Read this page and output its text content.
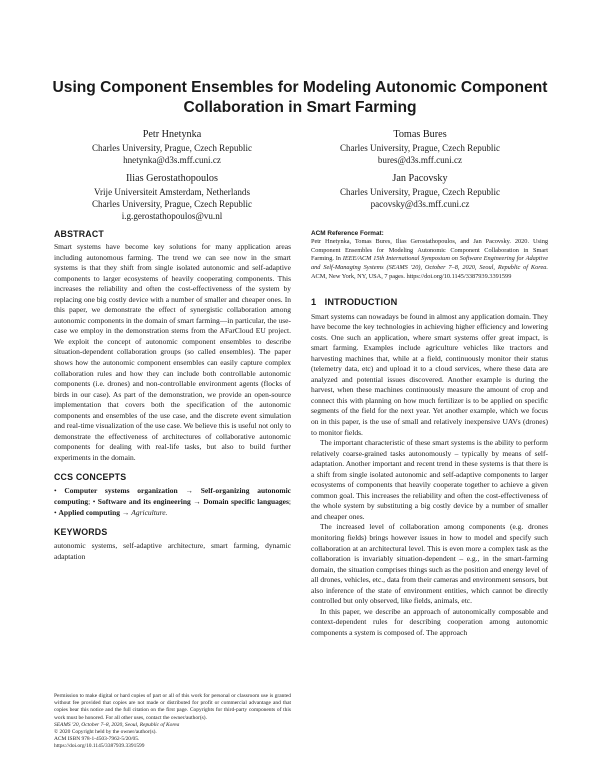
Using Component Ensembles for Modeling Autonomic Component Collaboration in Smart Farming
Petr Hnetynka
Charles University, Prague, Czech Republic
hnetynka@d3s.mff.cuni.cz
Tomas Bures
Charles University, Prague, Czech Republic
bures@d3s.mff.cuni.cz
Ilias Gerostathopoulos
Vrije Universiteit Amsterdam, Netherlands
Charles University, Prague, Czech Republic
i.g.gerostathopoulos@vu.nl
Jan Pacovsky
Charles University, Prague, Czech Republic
pacovsky@d3s.mff.cuni.cz
ABSTRACT

Smart systems have become key solutions for many application areas including autonomous farming. The trend we can see now in the smart systems is that they shift from single isolated autonomic and self-adaptive components to larger ecosystems of heavily cooperating components. This increases the reliability and often the cost-effectiveness of the system by replacing one big costly device with a number of smaller and cheaper ones. In this paper, we demonstrate the effect of synergistic collaboration among autonomic components in the domain of smart farming—in particular, the use-case we employ in the demonstration stems from the AFarCloud EU project. We exploit the concept of autonomic component ensembles to describe situation-dependent collaboration groups (so called ensembles). The paper shows how the autonomic component ensembles can easily capture complex collaboration rules and how they can include both controllable autonomic components (i.e. drones) and non-controllable environment agents (flocks of birds in our case). As part of the demonstration, we provide an open-source implementation that covers both the specification of the autonomic components and ensembles of the use case, and the discrete event simulation and real-time visualization of the use case. We believe this is useful not only to demonstrate the effectiveness of architectures of collaborative autonomic components for dealing with real-life tasks, but also to build further experiments in the domain.

CCS CONCEPTS

• Computer systems organization → Self-organizing autonomic computing; • Software and its engineering → Domain specific languages; • Applied computing → Agriculture.

KEYWORDS

autonomic systems, self-adaptive architecture, smart farming, dynamic adaptation

Permission to make digital or hard copies of part or all of this work for personal or classroom use is granted without fee provided that copies are not made or distributed for profit or commercial advantage and that copies bear this notice and the full citation on the first page. Copyrights for third-party components of this work must be honored. For all other uses, contact the owner/author(s).

SEAMS '20, October 7–8, 2020, Seoul, Republic of Korea

© 2020 Copyright held by the owner/author(s).

ACM ISBN 978-1-4503-7962-5/20/05.

https://doi.org/10.1145/3387939.3391599

ACM Reference Format:

Petr Hnetynka, Tomas Bures, Ilias Gerostathopoulos, and Jan Pacovsky. 2020. Using Component Ensembles for Modeling Autonomic Component Collaboration in Smart Farming. In IEEE/ACM 15th International Symposium on Software Engineering for Adaptive and Self-Managing Systems (SEAMS '20), October 7–8, 2020, Seoul, Republic of Korea. ACM, New York, NY, USA, 7 pages. https://doi.org/10.1145/3387939.3391599

1 INTRODUCTION

Smart systems can nowadays be found in almost any application domain. They have become the key technologies in achieving higher efficiency and lowering costs. One such an application, where smart systems offer great impact, is smart farming. Examples include agriculture vehicles like tractors and harvesting machines that, while at a field, continuously monitor their status (telemetry data, etc) and upload it to a cloud services, where these data are analyzed and potential issues discovered. Another example is during the harvest, when these machines continuously measure the amount of crop and connect this with planning on how much fertilizer is to be applied on specific segments of the field for the next year. Yet another example, which we focus on in this paper, is the use of small and relatively inexpensive UAVs (drones) to monitor fields.

The important characteristic of these smart systems is the ability to perform relatively coarse-grained tasks autonomously – typically by means of self-adaptation. Another important and recent trend in these systems is that there is a shift from single isolated autonomic and self-adaptive components to larger ecosystems of components that heavily cooperate together to achieve a given common goal. This increases the reliability and often the cost-effectiveness of the whole system by substituting a big costly device by a number of smaller and cheaper ones.

The increased level of collaboration among components (e.g. drones monitoring fields) brings however issues in how to model and specify such collaboration at an architectural level. This is even more a complex task as the collaboration is invariably situation-dependent – e.g., in the smart-farming domain, the situation comprises things such as the position and energy level of all drones, vehicles, etc., data from their cameras and environment sensors, but also inference of the state of environment entities, which cannot be directly controlled but only observed, like fields, animals, etc.

In this paper, we describe an approach of autonomically composable and context-dependent rules for describing cooperation among autonomic components a system is composed of. The approach
